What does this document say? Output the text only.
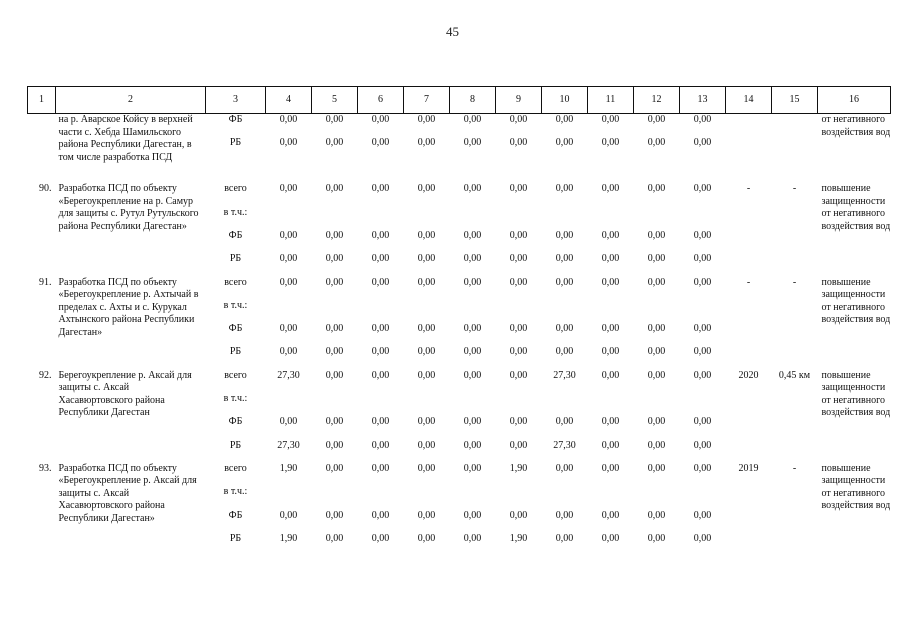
45
1	2	3	4	5	6	7	8	9	10	11	12	13	14	15	16
	на р. Аварское Койсу в верхней части с. Хебда Шамильского района Республики Дагестан, в том числе разработка ПСД	ФБ	0,00	0,00	0,00	0,00	0,00	0,00	0,00	0,00	0,00	0,00			от негативного воздействия вод
		РБ	0,00	0,00	0,00	0,00	0,00	0,00	0,00	0,00	0,00	0,00			

90.	Разработка ПСД по объекту «Берегоукрепление на р. Самур для защиты с. Рутул Рутульского района Республики Дагестан»	всего	0,00	0,00	0,00	0,00	0,00	0,00	0,00	0,00	0,00	0,00	-	-	повышение защищенности от негативного воздействия вод
		в т.ч.:													
		ФБ	0,00	0,00	0,00	0,00	0,00	0,00	0,00	0,00	0,00	0,00			
		РБ	0,00	0,00	0,00	0,00	0,00	0,00	0,00	0,00	0,00	0,00			
91.	Разработка ПСД по объекту «Берегоукрепление р. Ахтычай в пределах с. Ахты и с. Курукал Ахтынского района Республики Дагестан»	всего	0,00	0,00	0,00	0,00	0,00	0,00	0,00	0,00	0,00	0,00	-	-	повышение защищенности от негативного воздействия вод
		в т.ч.:													
		ФБ	0,00	0,00	0,00	0,00	0,00	0,00	0,00	0,00	0,00	0,00			
		РБ	0,00	0,00	0,00	0,00	0,00	0,00	0,00	0,00	0,00	0,00			
92.	Берегоукрепление р. Аксай для защиты с. Аксай Хасавюртовского района Республики Дагестан	всего	27,30	0,00	0,00	0,00	0,00	0,00	27,30	0,00	0,00	0,00	2020	0,45 км	повышение защищенности от негативного воздействия вод
		в т.ч.:													
		ФБ	0,00	0,00	0,00	0,00	0,00	0,00	0,00	0,00	0,00	0,00			
		РБ	27,30	0,00	0,00	0,00	0,00	0,00	27,30	0,00	0,00	0,00			
93.	Разработка ПСД по объекту «Берегоукрепление р. Аксай для защиты с. Аксай Хасавюртовского района Республики Дагестан»	всего	1,90	0,00	0,00	0,00	0,00	1,90	0,00	0,00	0,00	0,00	2019	-	повышение защищенности от негативного воздействия вод
		в т.ч.:													
		ФБ	0,00	0,00	0,00	0,00	0,00	0,00	0,00	0,00	0,00	0,00			
		РБ	1,90	0,00	0,00	0,00	0,00	1,90	0,00	0,00	0,00	0,00			
